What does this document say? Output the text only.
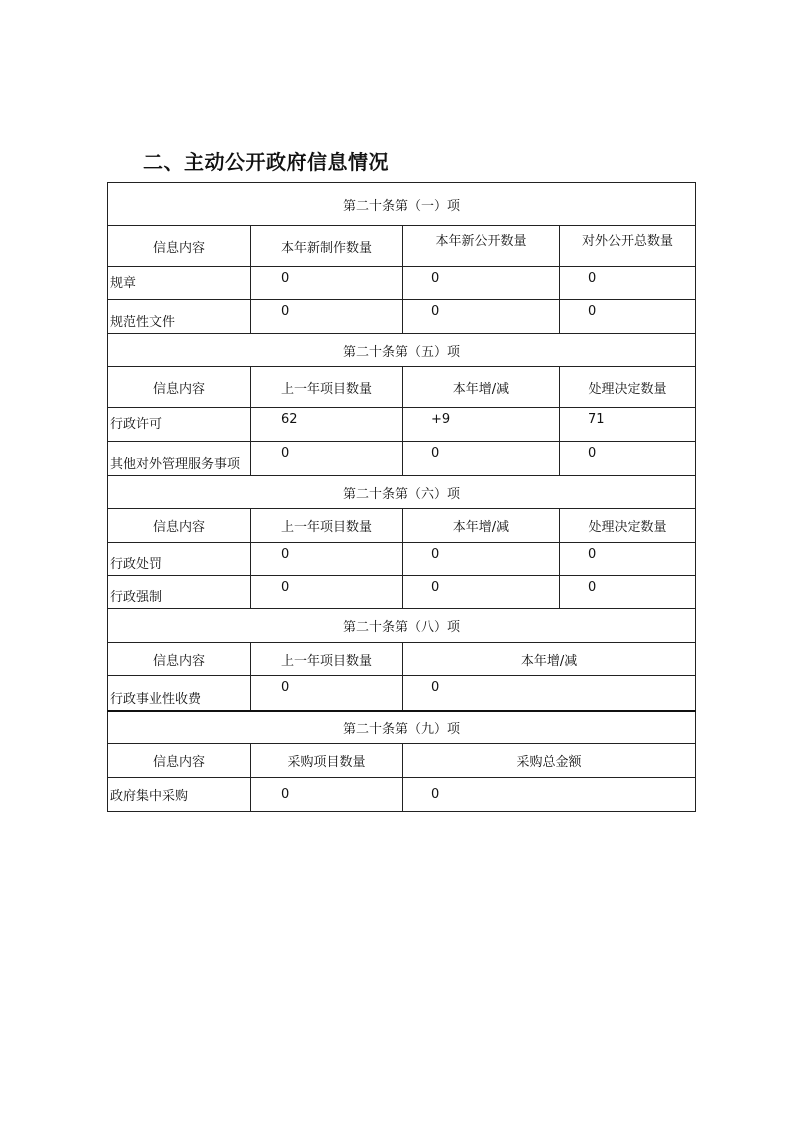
二、主动公开政府信息情况
第二十条第（一）项			
信息内容	本年新制作数量	本年新公开数量	对外公开总数量
规章	0	0	0
规范性文件	0	0	0
第二十条第（五）项			
信息内容	上一年项目数量	本年增/减	处理决定数量
行政许可	62	+9	71
其他对外管理服务事项	0	0	0
第二十条第（六）项			
信息内容	上一年项目数量	本年增/减	处理决定数量
行政处罚	0	0	0
行政强制	0	0	0
第二十条第（八）项			
信息内容	上一年项目数量	本年增/减	
行政事业性收费	0	0	
第二十条第（九）项			
信息内容	采购项目数量	采购总金额	
政府集中采购	0	0	
